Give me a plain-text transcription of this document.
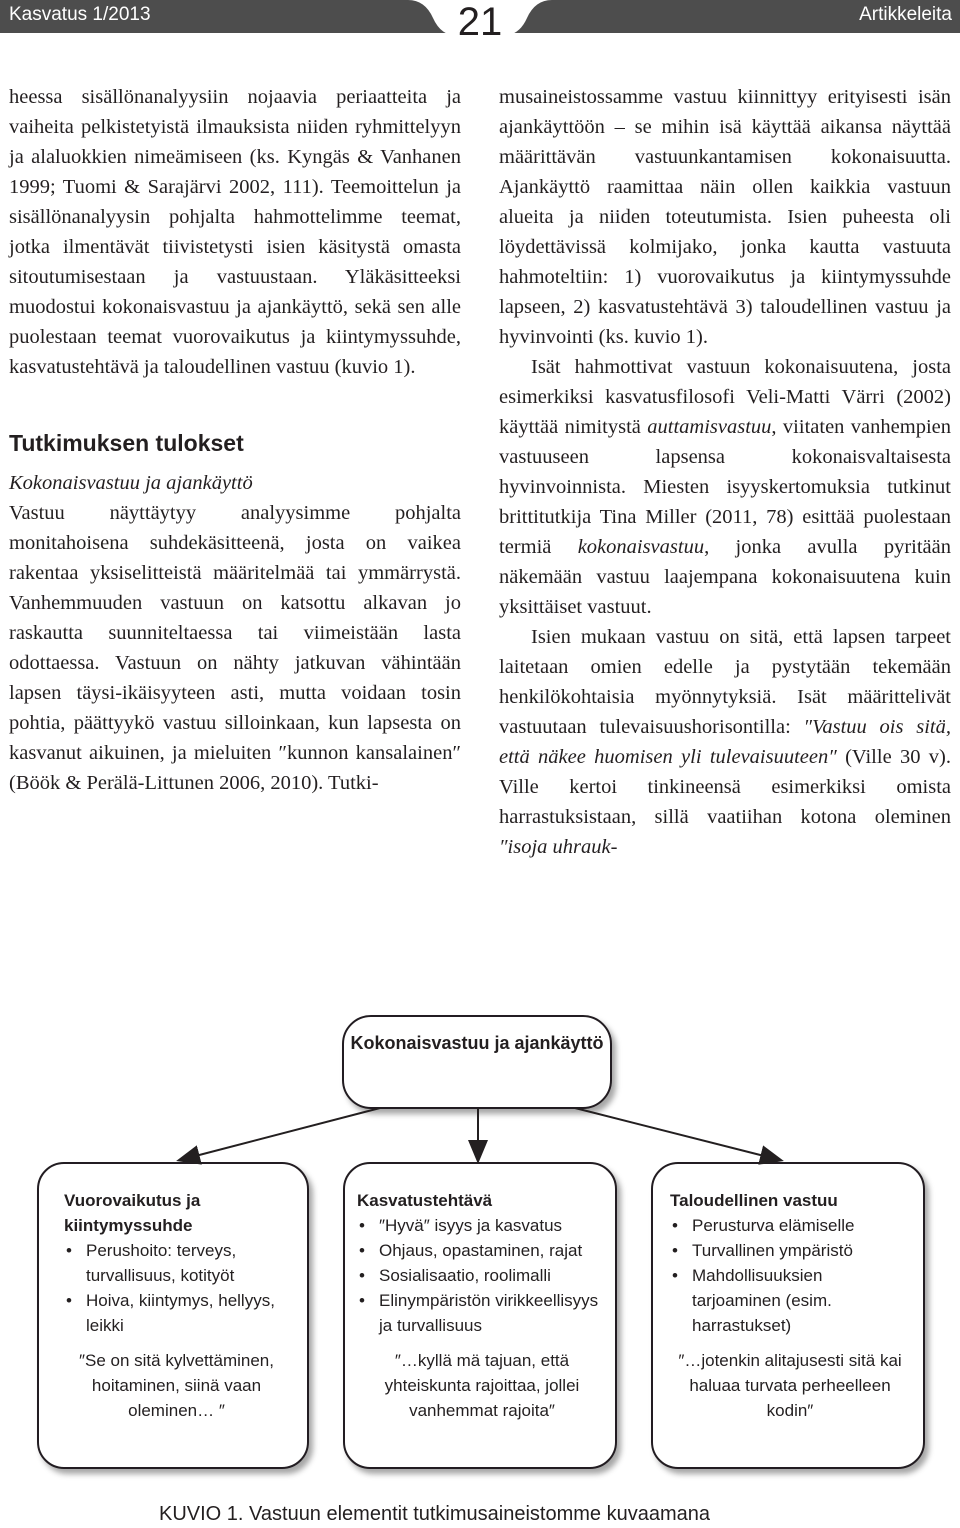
Kasvatus 1/2013	21	Artikkeleita

heessa sisällönanalyysiin nojaavia periaatteita ja vaiheita pelkistetyistä ilmauksista niiden ryhmittelyyn ja alaluokkien nimeämiseen (ks. Kyngäs & Vanhanen 1999; Tuomi & Sarajärvi 2002, 111). Teemoittelun ja sisällönanalyysin pohjalta hahmottelimme teemat, jotka ilmentävät tiivistetysti isien käsitystä omasta sitoutumisestaan ja vastuustaan. Yläkäsitteeksi muodostui kokonaisvastuu ja ajankäyttö, sekä sen alle puolestaan teemat vuorovaikutus ja kiintymyssuhde, kasvatustehtävä ja taloudellinen vastuu (kuvio 1).

Tutkimuksen tulokset

Kokonaisvastuu ja ajankäyttö

Vastuu näyttäytyy analyysimme pohjalta monitahoisena suhdekäsitteenä, josta on vaikea rakentaa yksiselitteistä määritelmää tai ymmärrystä. Vanhemmuuden vastuun on katsottu alkavan jo raskautta suunniteltaessa tai viimeistään lasta odottaessa. Vastuun on nähty jatkuvan vähintään lapsen täysi-ikäisyyteen asti, mutta voidaan tosin pohtia, päättyykö vastuu silloinkaan, kun lapsesta on kasvanut aikuinen, ja mieluiten ″kunnon kansalainen″ (Böök & Perälä-Littunen 2006, 2010). Tutki-

musaineistossamme vastuu kiinnittyy erityisesti isän ajankäyttöön – se mihin isä käyttää aikansa näyttää määrittävän vastuunkantamisen kokonaisuutta. Ajankäyttö raamittaa näin ollen kaikkia vastuun alueita ja niiden toteutumista. Isien puheesta oli löydettävissä kolmijako, jonka kautta vastuuta hahmoteltiin: 1) vuorovaikutus ja kiintymyssuhde lapseen, 2) kasvatustehtävä 3) taloudellinen vastuu ja hyvinvointi (ks. kuvio 1).

Isät hahmottivat vastuun kokonaisuutena, josta esimerkiksi kasvatusfilosofi Veli-Matti Värri (2002) käyttää nimitystä auttamisvastuu, viitaten vanhempien vastuuseen lapsensa kokonaisvaltaisesta hyvinvoinnista. Miesten isyyskertomuksia tutkinut brittitutkija Tina Miller (2011, 78) esittää puolestaan termiä kokonaisvastuu, jonka avulla pyritään näkemään vastuu laajempana kokonaisuutena kuin yksittäiset vastuut.

Isien mukaan vastuu on sitä, että lapsen tarpeet laitetaan omien edelle ja pystytään tekemään henkilökohtaisia myönnytyksiä. Isät määrittelivät vastuutaan tulevaisuushorisontilla: ″Vastuu ois sitä, että näkee huomisen yli tulevaisuuteen″ (Ville 30 v). Ville kertoi tinkineensä esimerkiksi omista harrastuksistaan, sillä vaatiihan kotona oleminen ″isoja uhrauk-

Kokonaisvastuu ja ajankäyttö
Vuorovaikutus ja kiintymyssuhde
• Perushoito: terveys, turvallisuus, kotityöt
• Hoiva, kiintymys, hellyys, leikki
″Se on sitä kylvettäminen, hoitaminen, siinä vaan oleminen… ″
Kasvatustehtävä
• ″Hyvä″ isyys ja kasvatus
• Ohjaus, opastaminen, rajat
• Sosialisaatio, roolimalli
• Elinympäristön virikkeellisyys ja turvallisuus
″…kyllä mä tajuan, että yhteiskunta rajoittaa, jollei vanhemmat rajoita″
Taloudellinen vastuu
• Perusturva elämiselle
• Turvallinen ympäristö
• Mahdollisuuksien tarjoaminen (esim. harrastukset)
″…jotenkin alitajusesti sitä kai haluaa turvata perheelleen kodin″
KUVIO 1. Vastuun elementit tutkimusaineistomme kuvaamana
